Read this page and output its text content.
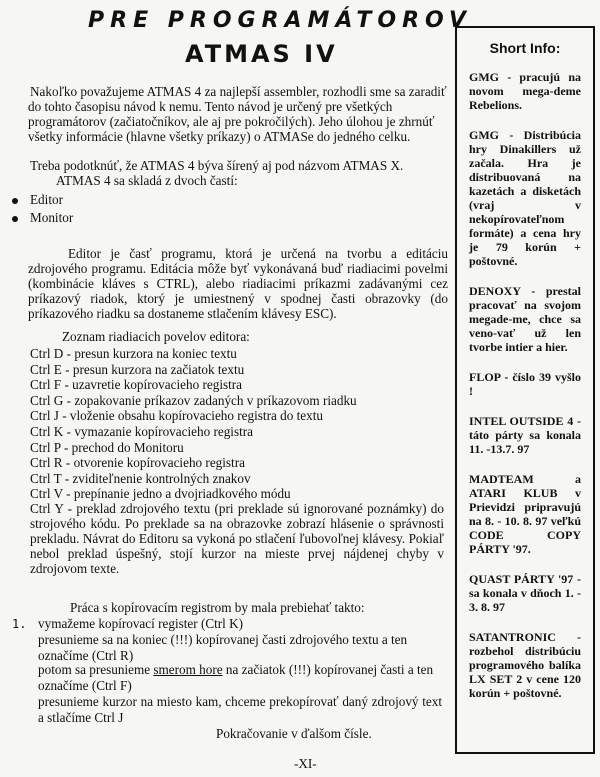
PRE PROGRAMÁTOROV
ATMAS IV
Nakoľko považujeme ATMAS 4 za najlepší assembler, rozhodli sme sa zaradiť do tohto časopisu návod k nemu. Tento návod je určený pre všetkých programátorov (začiatočníkov, ale aj pre pokročilých). Jeho úlohou je zhrnúť všetky informácie (hlavne všetky príkazy) o ATMASe do jedného celku.
Treba podotknúť, že ATMAS 4 býva šírený aj pod názvom ATMAS X.
ATMAS 4 sa skladá z dvoch častí:
Editor
Monitor
Editor je časť programu, ktorá je určená na tvorbu a editáciu zdrojového programu. Editácia môže byť vykonávaná buď riadiacimi povelmi (kombinácie kláves s CTRL), alebo riadiacimi príkazmi zadávanými cez príkazový riadok, ktorý je umiestnený v spodnej časti obrazovky (do príkazového riadku sa dostaneme stlačením klávesy ESC).
Zoznam riadiacich povelov editora:
Ctrl D - presun kurzora na koniec textu
Ctrl E - presun kurzora na začiatok textu
Ctrl F - uzavretie kopírovacieho registra
Ctrl G - zopakovanie príkazov zadaných v príkazovom riadku
Ctrl J - vloženie obsahu kopírovacieho registra do textu
Ctrl K - vymazanie kopírovacieho registra
Ctrl P - prechod do Monitoru
Ctrl R - otvorenie kopírovacieho registra
Ctrl T - zviditeľnenie kontrolných znakov
Ctrl V - prepínanie jedno a dvojriadkového módu
Ctrl Y - preklad zdrojového textu (pri preklade sú ignorované poznámky) do strojového kódu. Po preklade sa na obrazovke zobrazí hlásenie o správnosti prekladu. Návrat do Editoru sa vykoná po stlačení ľubovoľnej klávesy. Pokiaľ nebol preklad úspešný, stojí kurzor na mieste prvej nájdenej chyby v zdrojovom texte.
Práca s kopírovacím registrom by mala prebiehať takto:
1. vymažeme kopírovací register (Ctrl K)
presunieme sa na koniec (!!!) kopírovanej časti zdrojového textu a ten označíme (Ctrl R)
potom sa presunieme smerom hore na začiatok (!!!) kopírovanej časti a ten označíme (Ctrl F)
presunieme kurzor na miesto kam, chceme prekopírovať daný zdrojový text a stlačíme Ctrl J
Pokračovanie v ďalšom čísle.
-XI-
Short Info:
GMG - pracujú na novom mega-deme Rebelions.
GMG - Distribúcia hry Dinakillers už začala. Hra je distribuovaná na kazetách a disketách (vraj v nekopírovateľnom formáte) a cena hry je 79 korún + poštovné.
DENOXY - prestal pracovať na svojom megade-me, chce sa veno-vať už len tvorbe intier a hier.
FLOP - číslo 39 vyšlo !
INTEL OUTSIDE 4 - táto párty sa konala 11. -13.7. 97
MADTEAM a ATARI KLUB v Prievidzi pripravujú na 8. - 10. 8. 97 veľkú CODE COPY PÁRTY '97.
QUAST PÁRTY '97 - sa konala v dňoch 1. - 3. 8. 97
SATANTRONIC - rozbehol distribúciu programového balíka LX SET 2 v cene 120 korún + poštovné.
